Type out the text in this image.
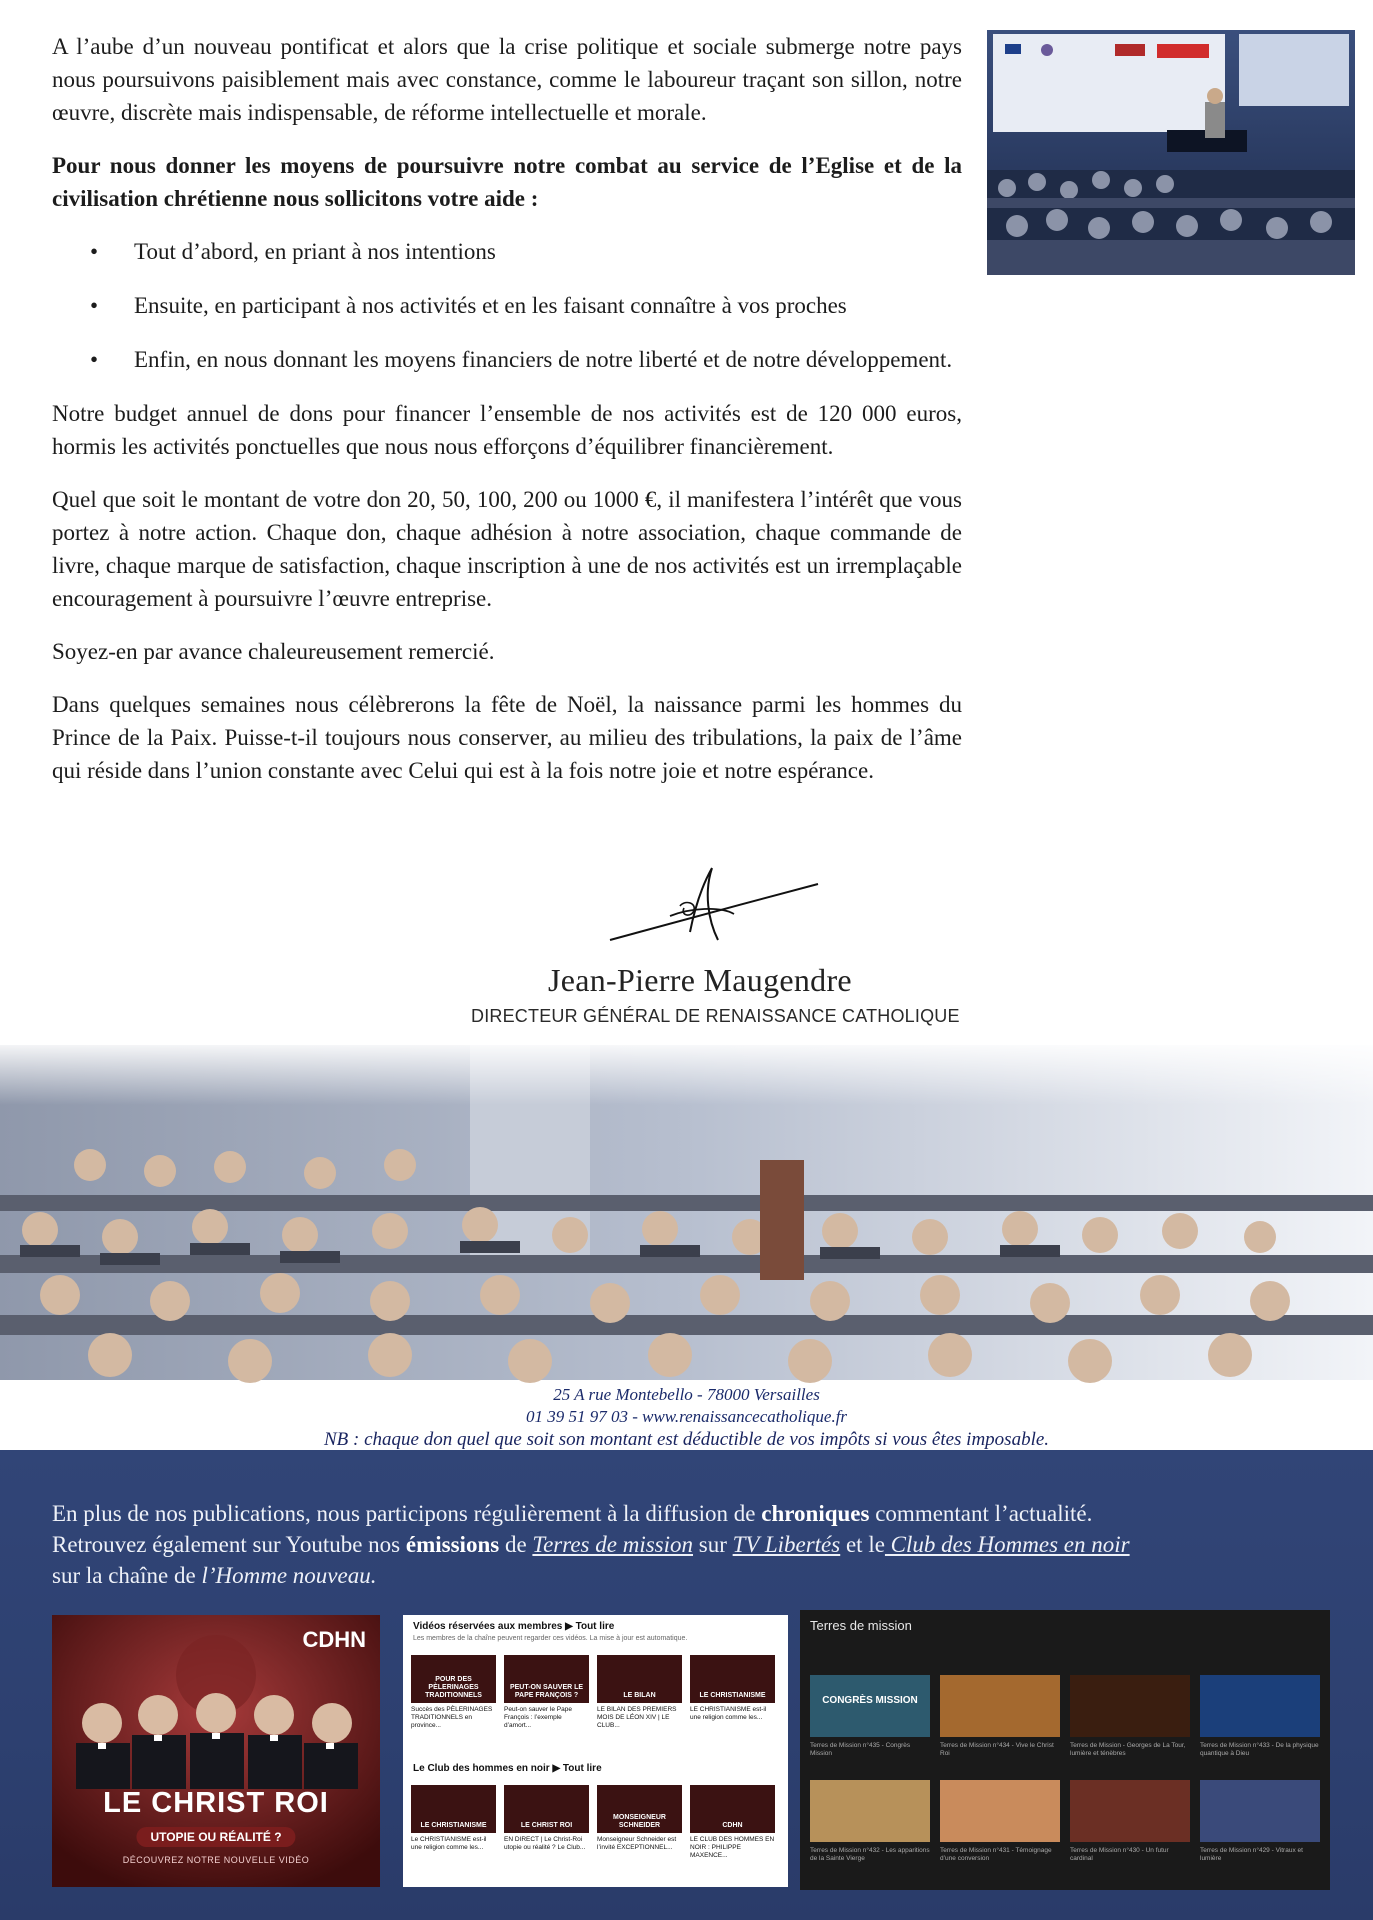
A l’aube d’un nouveau pontificat et alors que la crise politique et sociale submerge notre pays nous poursuivons paisiblement mais avec constance, comme le laboureur traçant son sillon, notre œuvre, discrète mais indispensable, de réforme intellectuelle et morale.

Pour nous donner les moyens de poursuivre notre combat au service de l’Eglise et de la civilisation chrétienne nous sollicitons votre aide :

• Tout d’abord, en priant à nos intentions
• Ensuite, en participant à nos activités et en les faisant connaître à vos proches
• Enfin, en nous donnant les moyens financiers de notre liberté et de notre développement.

Notre budget annuel de dons pour financer l’ensemble de nos activités est de 120 000 euros, hormis les activités ponctuelles que nous nous efforçons d’équilibrer financièrement.

Quel que soit le montant de votre don 20, 50, 100, 200 ou 1000 €, il manifestera l’intérêt que vous portez à notre action. Chaque don, chaque adhésion à notre association, chaque commande de livre, chaque marque de satisfaction, chaque inscription à une de nos activités est un irremplaçable encouragement à poursuivre l’œuvre entreprise.

Soyez-en par avance chaleureusement remercié.

Dans quelques semaines nous célèbrerons la fête de Noël, la naissance parmi les hommes du Prince de la Paix. Puisse-t-il toujours nous conserver, au milieu des tribulations, la paix de l’âme qui réside dans l’union constante avec Celui qui est à la fois notre joie et notre espérance.

Jean-Pierre Maugendre
DIRECTEUR GÉNÉRAL DE RENAISSANCE CATHOLIQUE
25 A rue Montebello - 78000 Versailles
01 39 51 97 03 - www.renaissancecatholique.fr
NB : chaque don quel que soit son montant est déductible de vos impôts si vous êtes imposable.
En plus de nos publications, nous participons régulièrement à la diffusion de chroniques commentant l’actualité.
Retrouvez également sur Youtube nos émissions de Terres de mission sur TV Libertés et le Club des Hommes en noir
sur la chaîne de l’Homme nouveau.
CDHN
LE CHRIST ROI
UTOPIE OU RÉALITÉ ?
DÉCOUVREZ NOTRE NOUVELLE VIDÉO
Vidéos réservées aux membres ▶ Tout lire
Les membres de la chaîne peuvent regarder ces vidéos. La mise à jour est automatique.
POUR DES PÈLERINAGES TRADITIONNELS
Succès des PÈLERINAGES TRADITIONNELS en province...
PEUT-ON SAUVER LE PAPE FRANÇOIS ?
Peut-on sauver le Pape François : l’exemple d’amort...
LE BILAN
LE BILAN DES PREMIERS MOIS DE LÉON XIV | LE CLUB...
LE CHRISTIANISME
LE CHRISTIANISME est-il une religion comme les...
Le Club des hommes en noir ▶ Tout lire
LE CHRISTIANISME
Le CHRISTIANISME est-il une religion comme les...
LE CHRIST ROI
EN DIRECT | Le Christ-Roi utopie ou réalité ? Le Club...
MONSEIGNEUR SCHNEIDER
Monseigneur Schneider est l’invité EXCEPTIONNEL...
CDHN
LE CLUB DES HOMMES EN NOIR : PHILIPPE MAXENCE...
Terres de mission
CONGRÈS MISSION
Terres de Mission n°435 - Congrès Mission
Terres de Mission n°434 - Vive le Christ Roi
Terres de Mission - Georges de La Tour, lumière et ténèbres
Terres de Mission n°433 - De la physique quantique à Dieu
Terres de Mission n°432 - Les apparitions de la Sainte Vierge
Terres de Mission n°431 - Témoignage d’une conversion
Terres de Mission n°430 - Un futur cardinal
Terres de Mission n°429 - Vitraux et lumière
